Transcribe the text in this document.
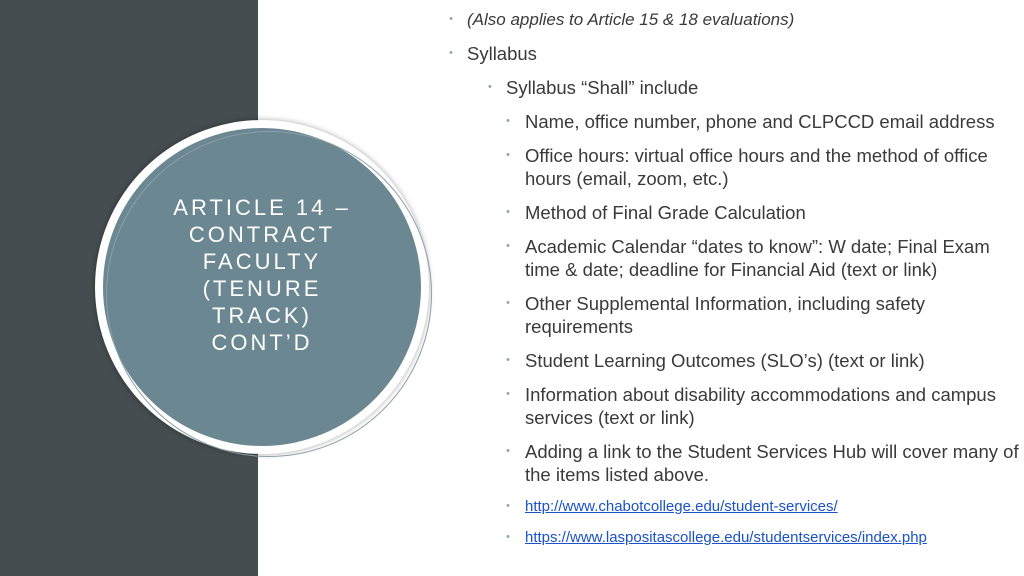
ARTICLE 14 –
CONTRACT
FACULTY
(TENURE
TRACK)
CONT’D
• (Also applies to Article 15 & 18 evaluations)
• Syllabus
• Syllabus “Shall” include
• Name, office number, phone and CLPCCD email address
• Office hours: virtual office hours and the method of office hours (email, zoom, etc.)
• Method of Final Grade Calculation
• Academic Calendar “dates to know”: W date; Final Exam time & date; deadline for Financial Aid (text or link)
• Other Supplemental Information, including safety requirements
• Student Learning Outcomes (SLO’s) (text or link)
• Information about disability accommodations and campus services (text or link)
• Adding a link to the Student Services Hub will cover many of the items listed above.
• http://www.chabotcollege.edu/student-services/
• https://www.laspositascollege.edu/studentservices/index.php
